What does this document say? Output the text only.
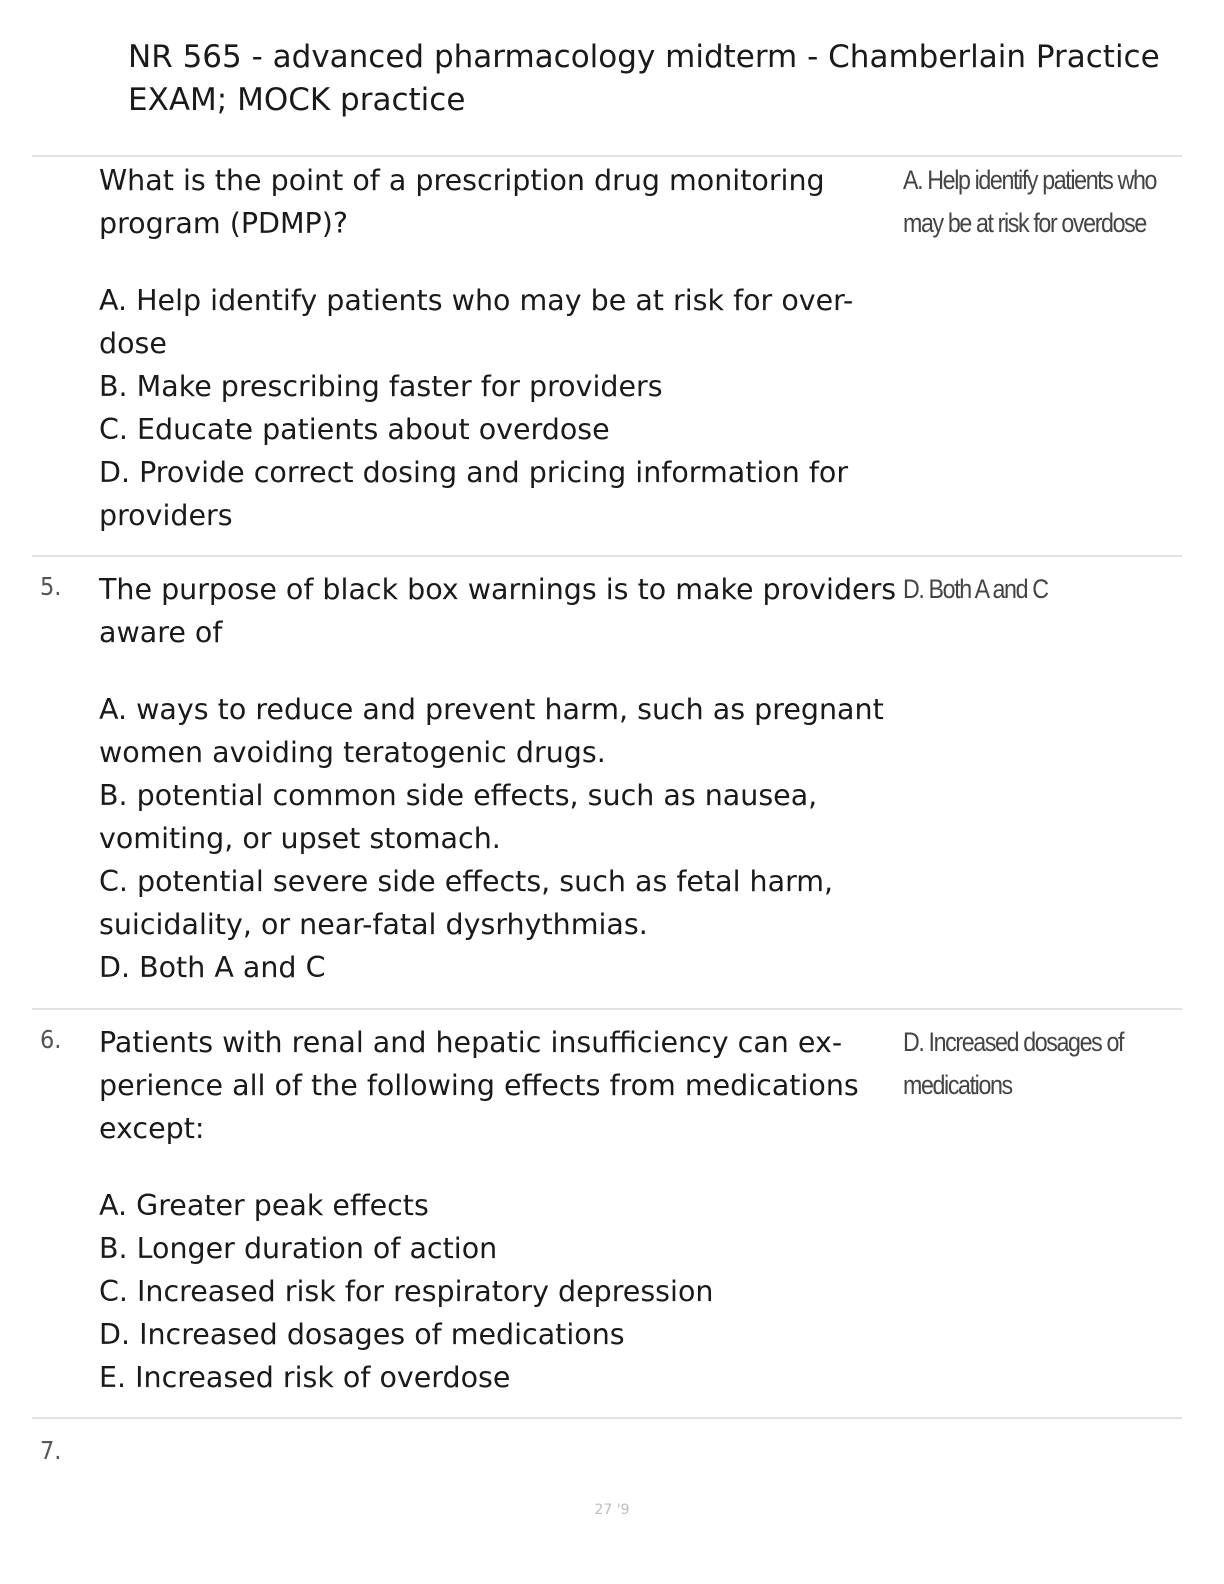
NR 565 - advanced pharmacology midterm - Chamberlain Practice EXAM; MOCK practice

What is the point of a prescription drug monitoring program (PDMP)?

A. Help identify patients who may be at risk for over-dose
B. Make prescribing faster for providers
C. Educate patients about overdose
D. Provide correct dosing and pricing information for providers
A. Help identify patients who may be at risk for overdose
5. The purpose of black box warnings is to make providers aware of

A. ways to reduce and prevent harm, such as pregnant women avoiding teratogenic drugs.
B. potential common side effects, such as nausea, vomiting, or upset stomach.
C. potential severe side effects, such as fetal harm, suicidality, or near-fatal dysrhythmias.
D. Both A and C
D. Both A and C
6. Patients with renal and hepatic insufficiency can ex-perience all of the following effects from medications except:

A. Greater peak effects
B. Longer duration of action
C. Increased risk for respiratory depression
D. Increased dosages of medications
E. Increased risk of overdose
D. Increased dosages of medications
7.
27 '9
